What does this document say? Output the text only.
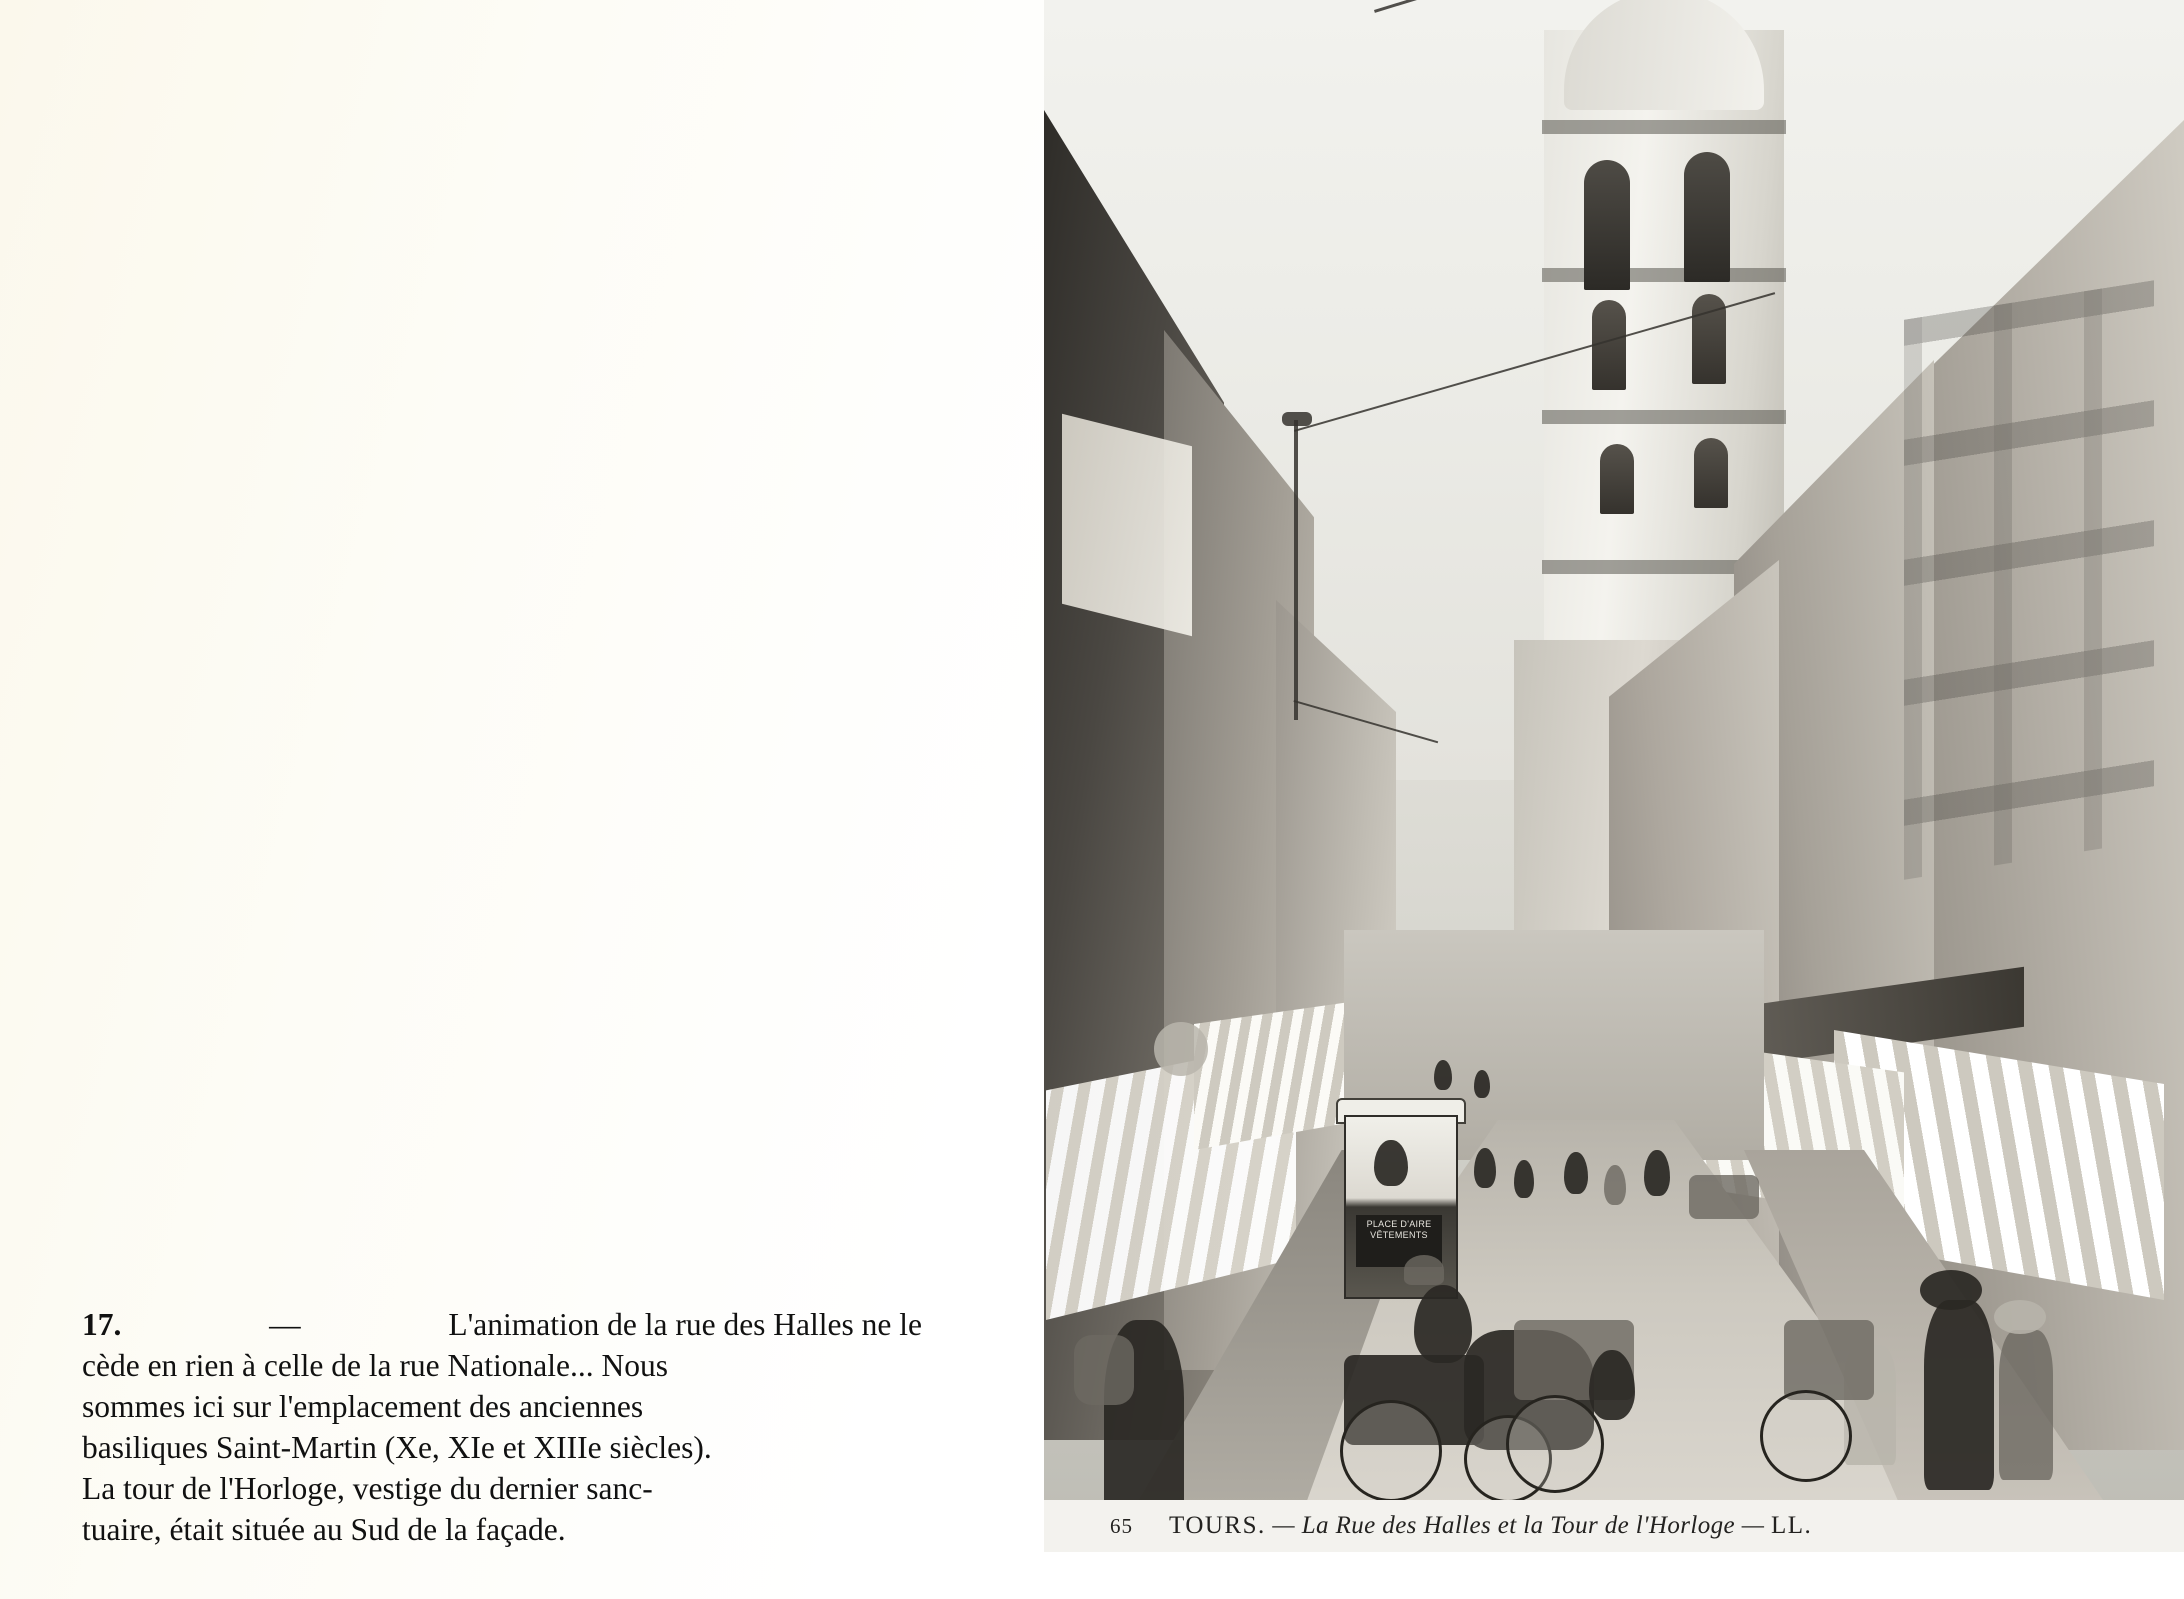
17.	—	L'animation de la rue des Halles ne le
cède en rien à celle de la rue Nationale... Nous
sommes ici sur l'emplacement des anciennes
basiliques Saint-Martin (Xe, XIe et XIIIe siècles).
La tour de l'Horloge, vestige du dernier sanc-
tuaire, était située au Sud de la façade.
PLACE D'AIRE VÊTEMENTS
65 TOURS. — La Rue des Halles et la Tour de l'Horloge — LL.
